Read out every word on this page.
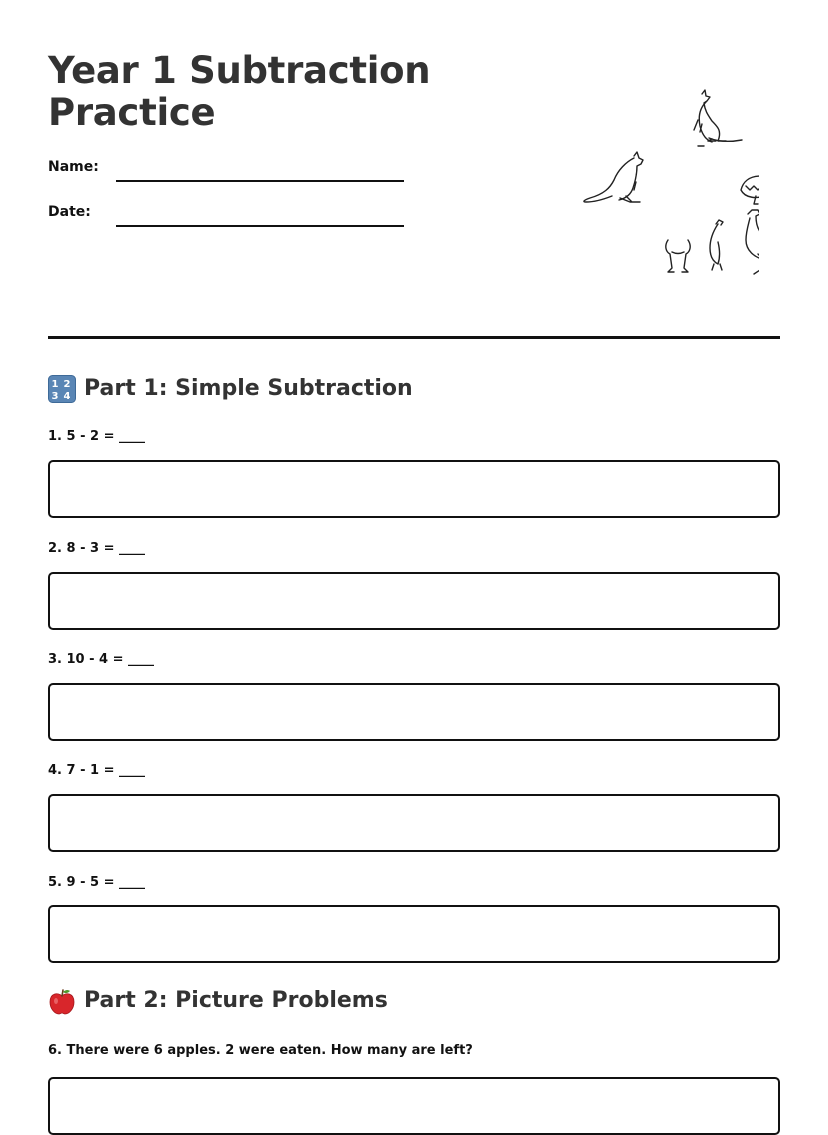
Year 1 Subtraction Practice
Name:
Date:
1 2
3 4 Part 1: Simple Subtraction
1. 5 - 2 = ____
2. 8 - 3 = ____
3. 10 - 4 = ____
4. 7 - 1 = ____
5. 9 - 5 = ____
Part 2: Picture Problems
6. There were 6 apples. 2 were eaten. How many are left?
